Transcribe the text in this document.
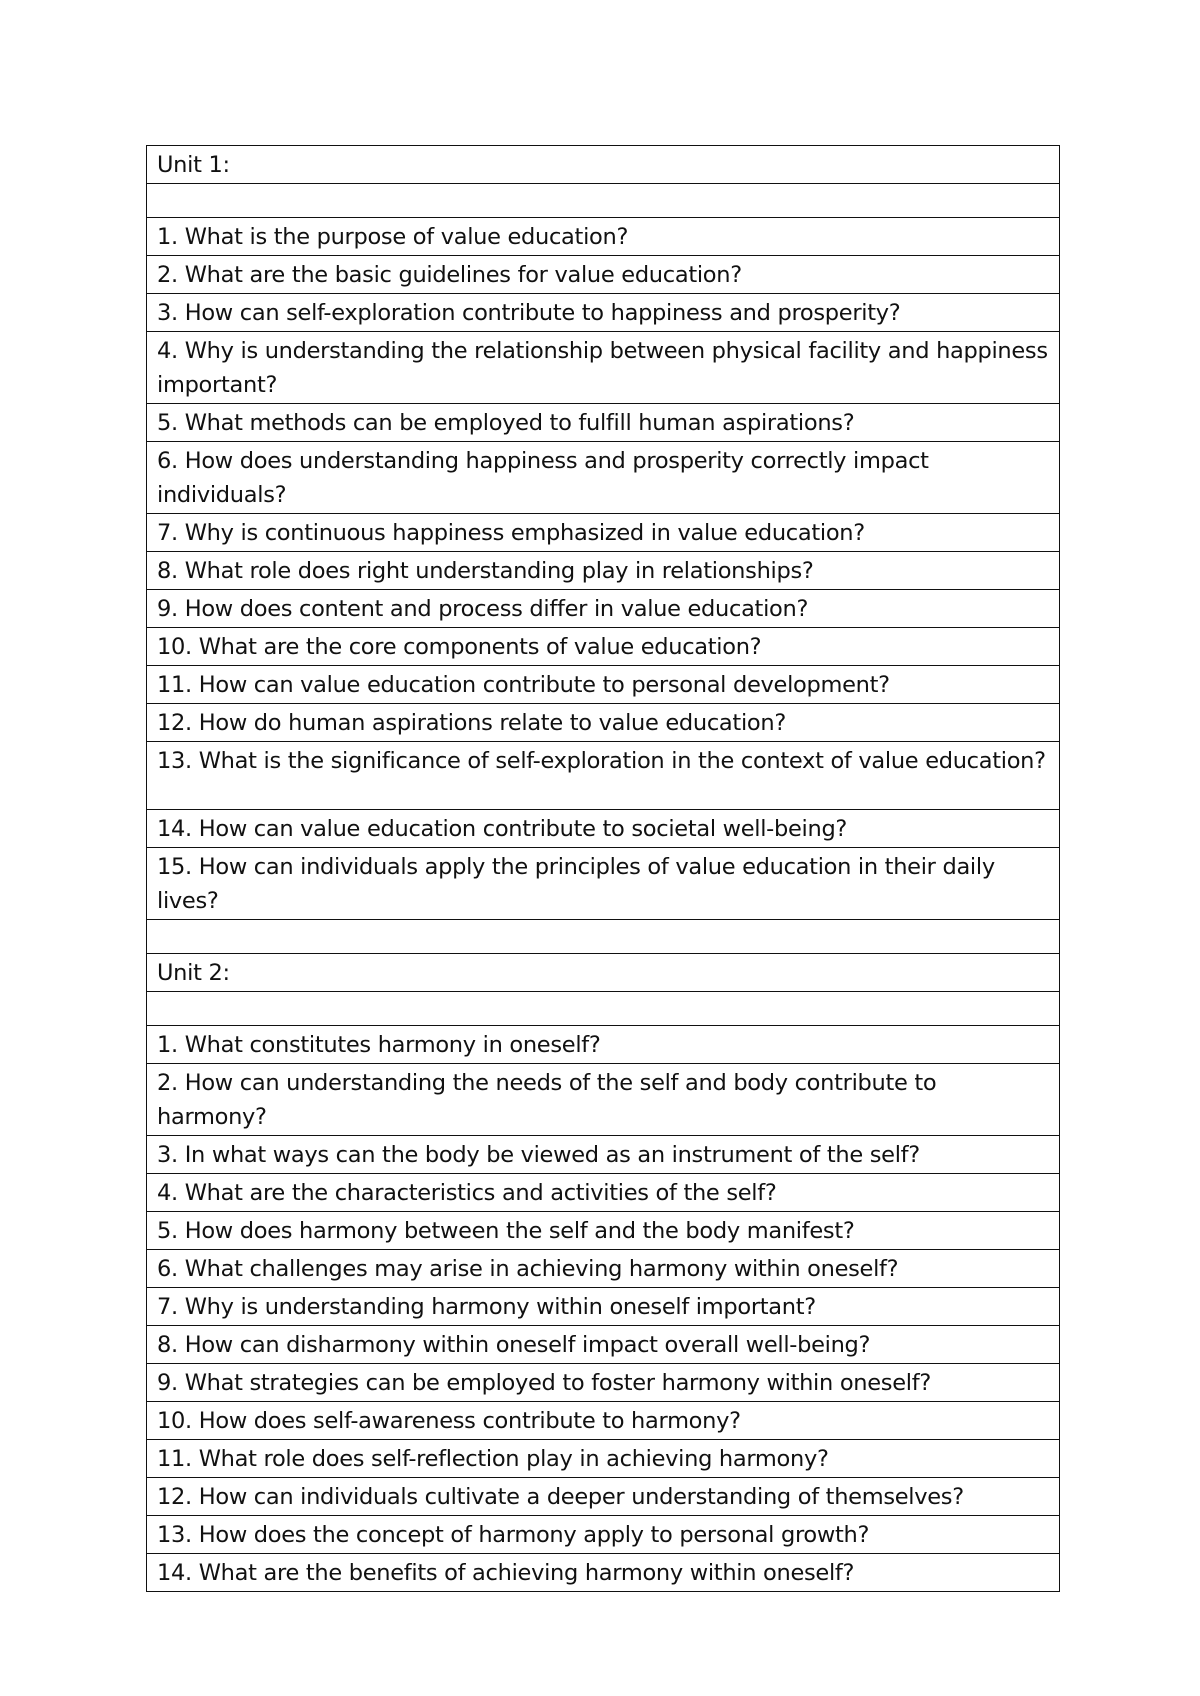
Unit 1:

1. What is the purpose of value education?
2. What are the basic guidelines for value education?
3. How can self-exploration contribute to happiness and prosperity?
4. Why is understanding the relationship between physical facility and happiness important?
5. What methods can be employed to fulfill human aspirations?
6. How does understanding happiness and prosperity correctly impact individuals?
7. Why is continuous happiness emphasized in value education?
8. What role does right understanding play in relationships?
9. How does content and process differ in value education?
10. What are the core components of value education?
11. How can value education contribute to personal development?
12. How do human aspirations relate to value education?
13. What is the significance of self-exploration in the context of value education?
14. How can value education contribute to societal well-being?
15. How can individuals apply the principles of value education in their daily lives?

Unit 2:

1. What constitutes harmony in oneself?
2. How can understanding the needs of the self and body contribute to harmony?
3. In what ways can the body be viewed as an instrument of the self?
4. What are the characteristics and activities of the self?
5. How does harmony between the self and the body manifest?
6. What challenges may arise in achieving harmony within oneself?
7. Why is understanding harmony within oneself important?
8. How can disharmony within oneself impact overall well-being?
9. What strategies can be employed to foster harmony within oneself?
10. How does self-awareness contribute to harmony?
11. What role does self-reflection play in achieving harmony?
12. How can individuals cultivate a deeper understanding of themselves?
13. How does the concept of harmony apply to personal growth?
14. What are the benefits of achieving harmony within oneself?
